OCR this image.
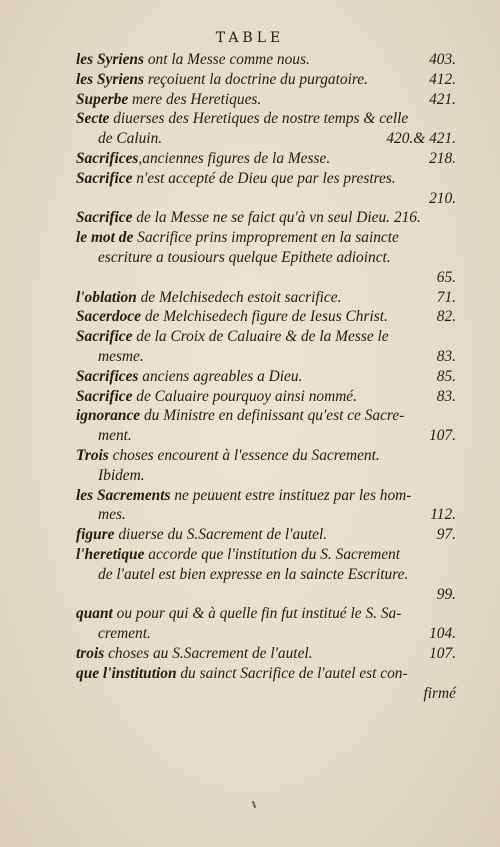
TABLE
403.
les Syriens ont la Messe comme nous.
412.
les Syriens reçoiuent la doctrine du purgatoire.
421.
Superbe mere des Heretiques.
Secte diuerses des Heretiques de nostre temps & celle
420.& 421.
de Caluin.
218.
Sacrifices,anciennes figures de la Messe.
Sacrifice n'est accepté de Dieu que par les prestres.
210.

Sacrifice de la Messe ne se faict qu'à vn seul Dieu. 216.
le mot de Sacrifice prins improprement en la saincte
escriture a tousiours quelque Epithete adioinct.
65.

71.
l'oblation de Melchisedech estoit sacrifice.
82.
Sacerdoce de Melchisedech figure de Iesus Christ.
Sacrifice de la Croix de Caluaire & de la Messe le
83.
mesme.
85.
Sacrifices anciens agreables a Dieu.
83.
Sacrifice de Caluaire pourquoy ainsi nommé.
ignorance du Ministre en definissant qu'est ce Sacre-
107.
ment.
Trois choses encourent à l'essence du Sacrement.
Ibidem.
les Sacrements ne peuuent estre instituez par les hom-
112.
mes.
97.
figure diuerse du S.Sacrement de l'autel.
l'heretique accorde que l'institution du S. Sacrement
de l'autel est bien expresse en la saincte Escriture.
99.

quant ou pour qui & à quelle fin fut institué le S. Sa-
104.
crement.
107.
trois choses au S.Sacrement de l'autel.
que l'institution du sainct Sacrifice de l'autel est con-
firmé
